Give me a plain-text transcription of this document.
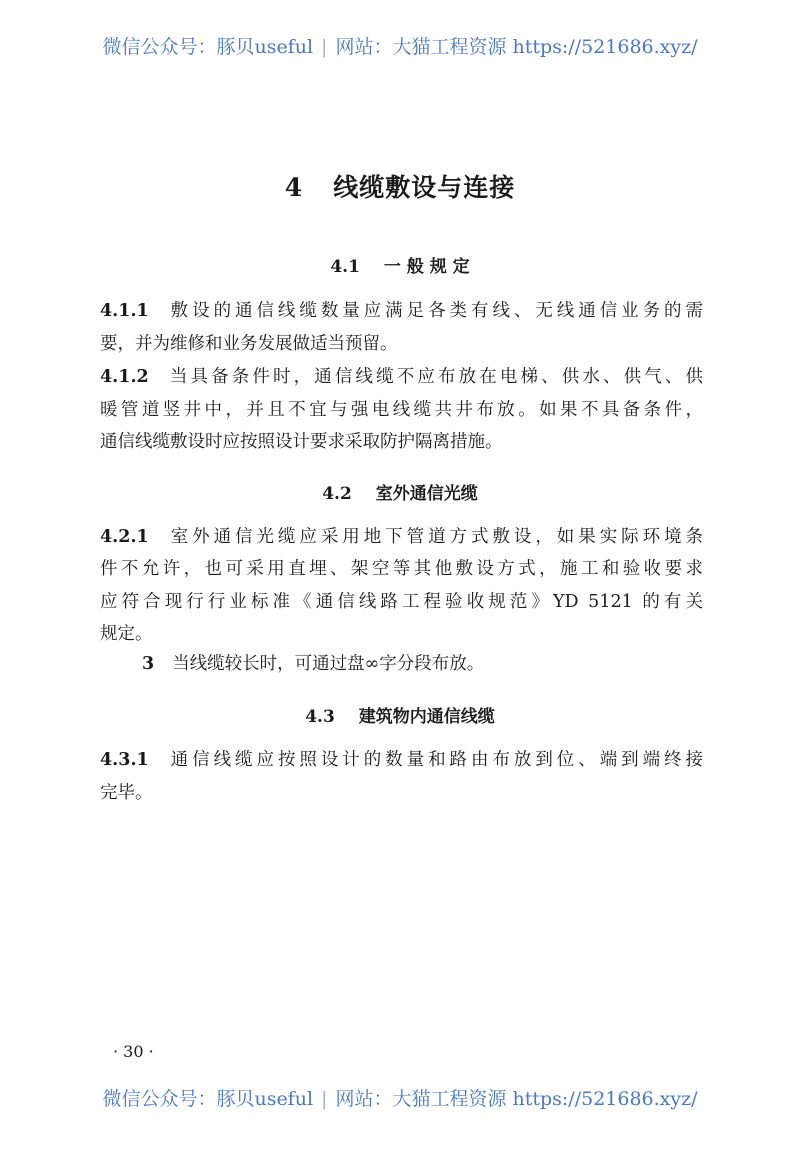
微信公众号：豚贝useful | 网站：大猫工程资源 https://521686.xyz/
4 线缆敷设与连接
4.1 一 般 规 定
4.1.1 敷设的通信线缆数量应满足各类有线、无线通信业务的需
要，并为维修和业务发展做适当预留。
4.1.2 当具备条件时，通信线缆不应布放在电梯、供水、供气、供
暖管道竖井中，并且不宜与强电线缆共井布放。如果不具备条件，
通信线缆敷设时应按照设计要求采取防护隔离措施。
4.2 室外通信光缆
4.2.1 室外通信光缆应采用地下管道方式敷设，如果实际环境条
件不允许，也可采用直埋、架空等其他敷设方式，施工和验收要求
应符合现行行业标准《通信线路工程验收规范》YD 5121 的有关
规定。
3 当线缆较长时，可通过盘∞字分段布放。
4.3 建筑物内通信线缆
4.3.1 通信线缆应按照设计的数量和路由布放到位、端到端终接
完毕。
· 30 ·
微信公众号：豚贝useful | 网站：大猫工程资源 https://521686.xyz/
